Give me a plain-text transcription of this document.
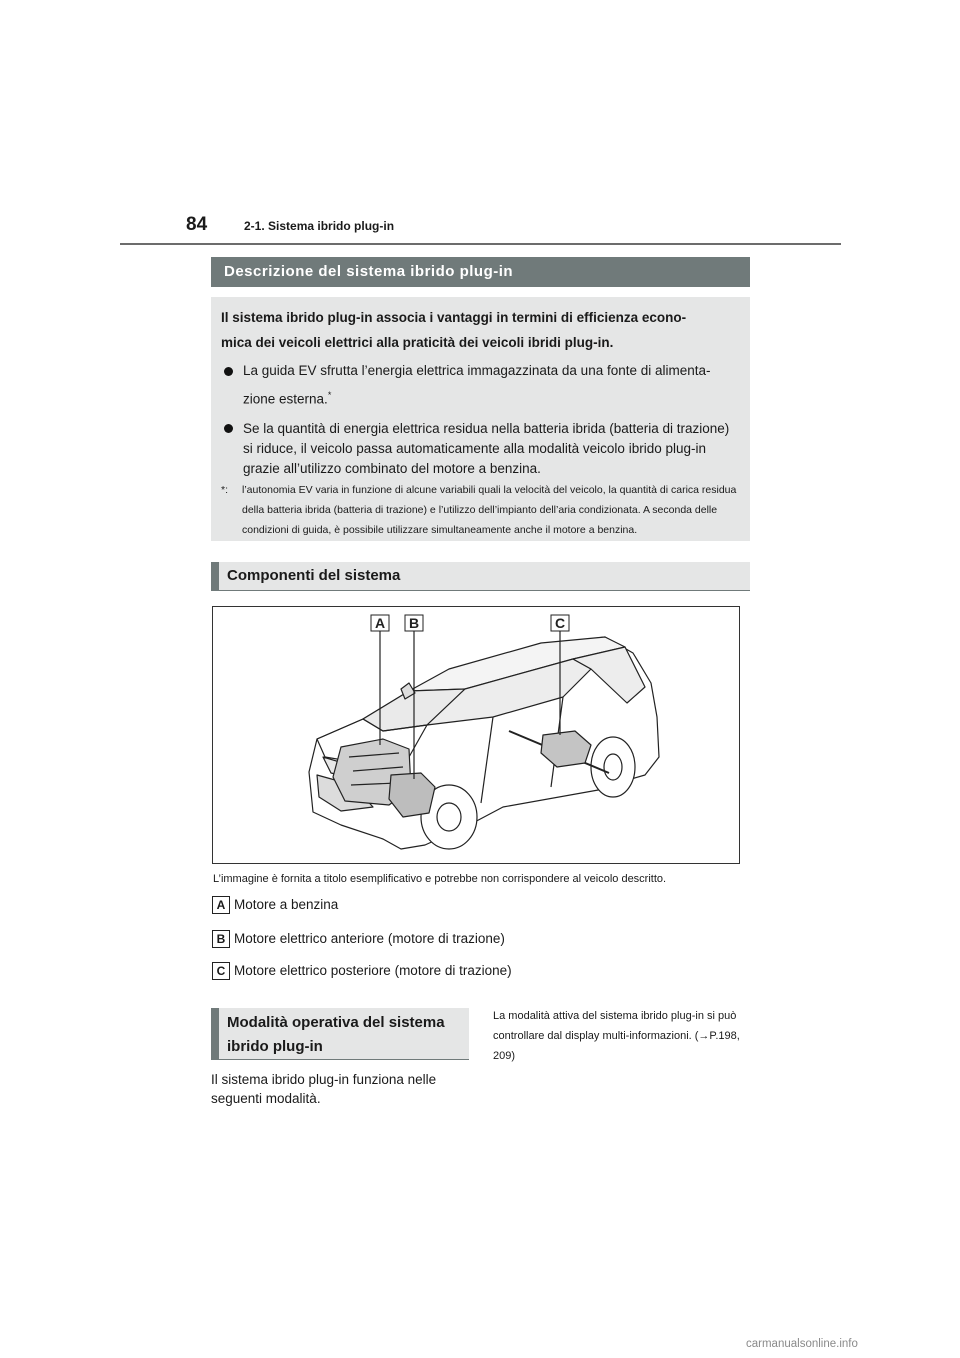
84	2-1. Sistema ibrido plug-in
Descrizione del sistema ibrido plug-in
Il sistema ibrido plug-in associa i vantaggi in termini di efficienza econo-
mica dei veicoli elettrici alla praticità dei veicoli ibridi plug-in.
La guida EV sfrutta l’energia elettrica immagazzinata da una fonte di alimenta-
zione esterna.*
Se la quantità di energia elettrica residua nella batteria ibrida (batteria di trazione) si riduce, il veicolo passa automaticamente alla modalità veicolo ibrido plug-in grazie all’utilizzo combinato del motore a benzina.
*: l’autonomia EV varia in funzione di alcune variabili quali la velocità del veicolo, la quantità di carica residua della batteria ibrida (batteria di trazione) e l’utilizzo dell’impianto dell’aria condizionata. A seconda delle condizioni di guida, è possibile utilizzare simultaneamente anche il motore a benzina.
Componenti del sistema
A B	C
L’immagine è fornita a titolo esemplificativo e potrebbe non corrispondere al veicolo descritto.
A Motore a benzina
B Motore elettrico anteriore (motore di trazione)
C Motore elettrico posteriore (motore di trazione)
Modalità operativa del sistema
ibrido plug-in
Il sistema ibrido plug-in funziona nelle seguenti modalità.
La modalità attiva del sistema ibrido plug-in si può controllare dal display multi-informazioni. (→P.198, 209)
carmanualsonline.info
